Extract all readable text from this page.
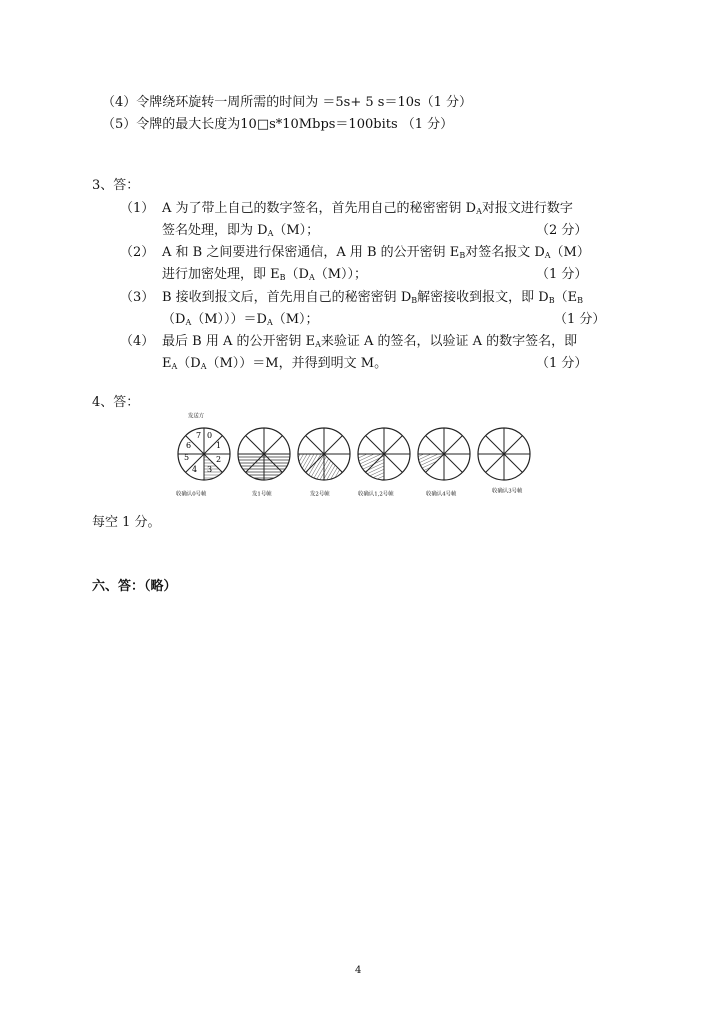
（4）令牌绕环旋转一周所需的时间为 ＝5s+ 5 s＝10s（1 分）
（5）令牌的最大长度为10□s*10Mbps＝100bits （1 分）
3、答：
（1） A 为了带上自己的数字签名，首先用自己的秘密密钥 $D_A$对报文进行数字
签名处理，即为 $D_A(M)$；	（2 分）
（2） A 和 B 之间要进行保密通信，A 用 B 的公开密钥 $E_B$对签名报文 $D_A(M)$
进行加密处理，即 $E_B(D_A(M))$；	（1 分）
（3） B 接收到报文后，首先用自己的秘密密钥 $D_B$解密接收到报文，即 $D_B(E_B$
$(D_A(M)))=D_A(M)$；	（1 分）
（4） 最后 B 用 A 的公开密钥 $E_A$来验证 A 的签名，以验证 A 的数字签名，即
$E_A(D_A(M))=M$，并得到明文 M。	（1 分）
4、答：
7 0
1
6
5
4 3
2
发送方
收确认0号帧	发1号帧	发2号帧	收确认1,2号帧	收确认4号帧	收确认3号帧
每空 1 分。
六、答：（略）
4
